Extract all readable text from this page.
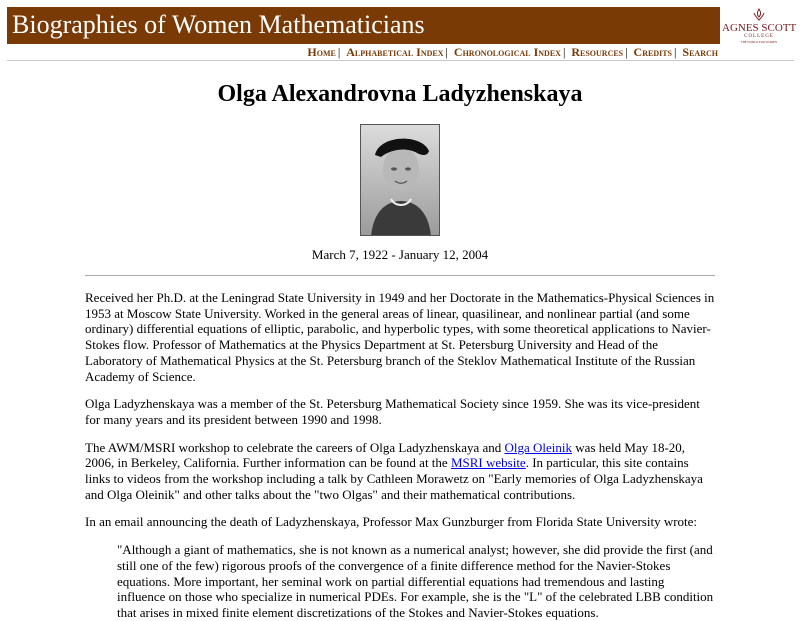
Biographies of Women Mathematicians	AGNES SCOTT
COLLEGE
THE WORLD FOR WOMEN
Home | Alphabetical Index | Chronological Index | Resources | Credits | Search
Olga Alexandrovna Ladyzhenskaya
March 7, 1922 - January 12, 2004

Received her Ph.D. at the Leningrad State University in 1949 and her Doctorate in the Mathematics-Physical Sciences in 1953 at Moscow State University. Worked in the general areas of linear, quasilinear, and nonlinear partial (and some ordinary) differential equations of elliptic, parabolic, and hyperbolic types, with some theoretical applications to Navier-Stokes flow. Professor of Mathematics at the Physics Department at St. Petersburg University and Head of the Laboratory of Mathematical Physics at the St. Petersburg branch of the Steklov Mathematical Institute of the Russian Academy of Science.

Olga Ladyzhenskaya was a member of the St. Petersburg Mathematical Society since 1959. She was its vice-president for many years and its president between 1990 and 1998.

The AWM/MSRI workshop to celebrate the careers of Olga Ladyzhenskaya and Olga Oleinik was held May 18-20, 2006, in Berkeley, California. Further information can be found at the MSRI website. In particular, this site contains links to videos from the workshop including a talk by Cathleen Morawetz on "Early memories of Olga Ladyzhenskaya and Olga Oleinik" and other talks about the "two Olgas" and their mathematical contributions.

In an email announcing the death of Ladyzhenskaya, Professor Max Gunzburger from Florida State University wrote:

"Although a giant of mathematics, she is not known as a numerical analyst; however, she did provide the first (and still one of the few) rigorous proofs of the convergence of a finite difference method for the Navier-Stokes equations. More important, her seminal work on partial differential equations had tremendous and lasting influence on those who specialize in numerical PDEs. For example, she is the "L" of the celebrated LBB condition that arises in mixed finite element discretizations of the Stokes and Navier-Stokes equations.
